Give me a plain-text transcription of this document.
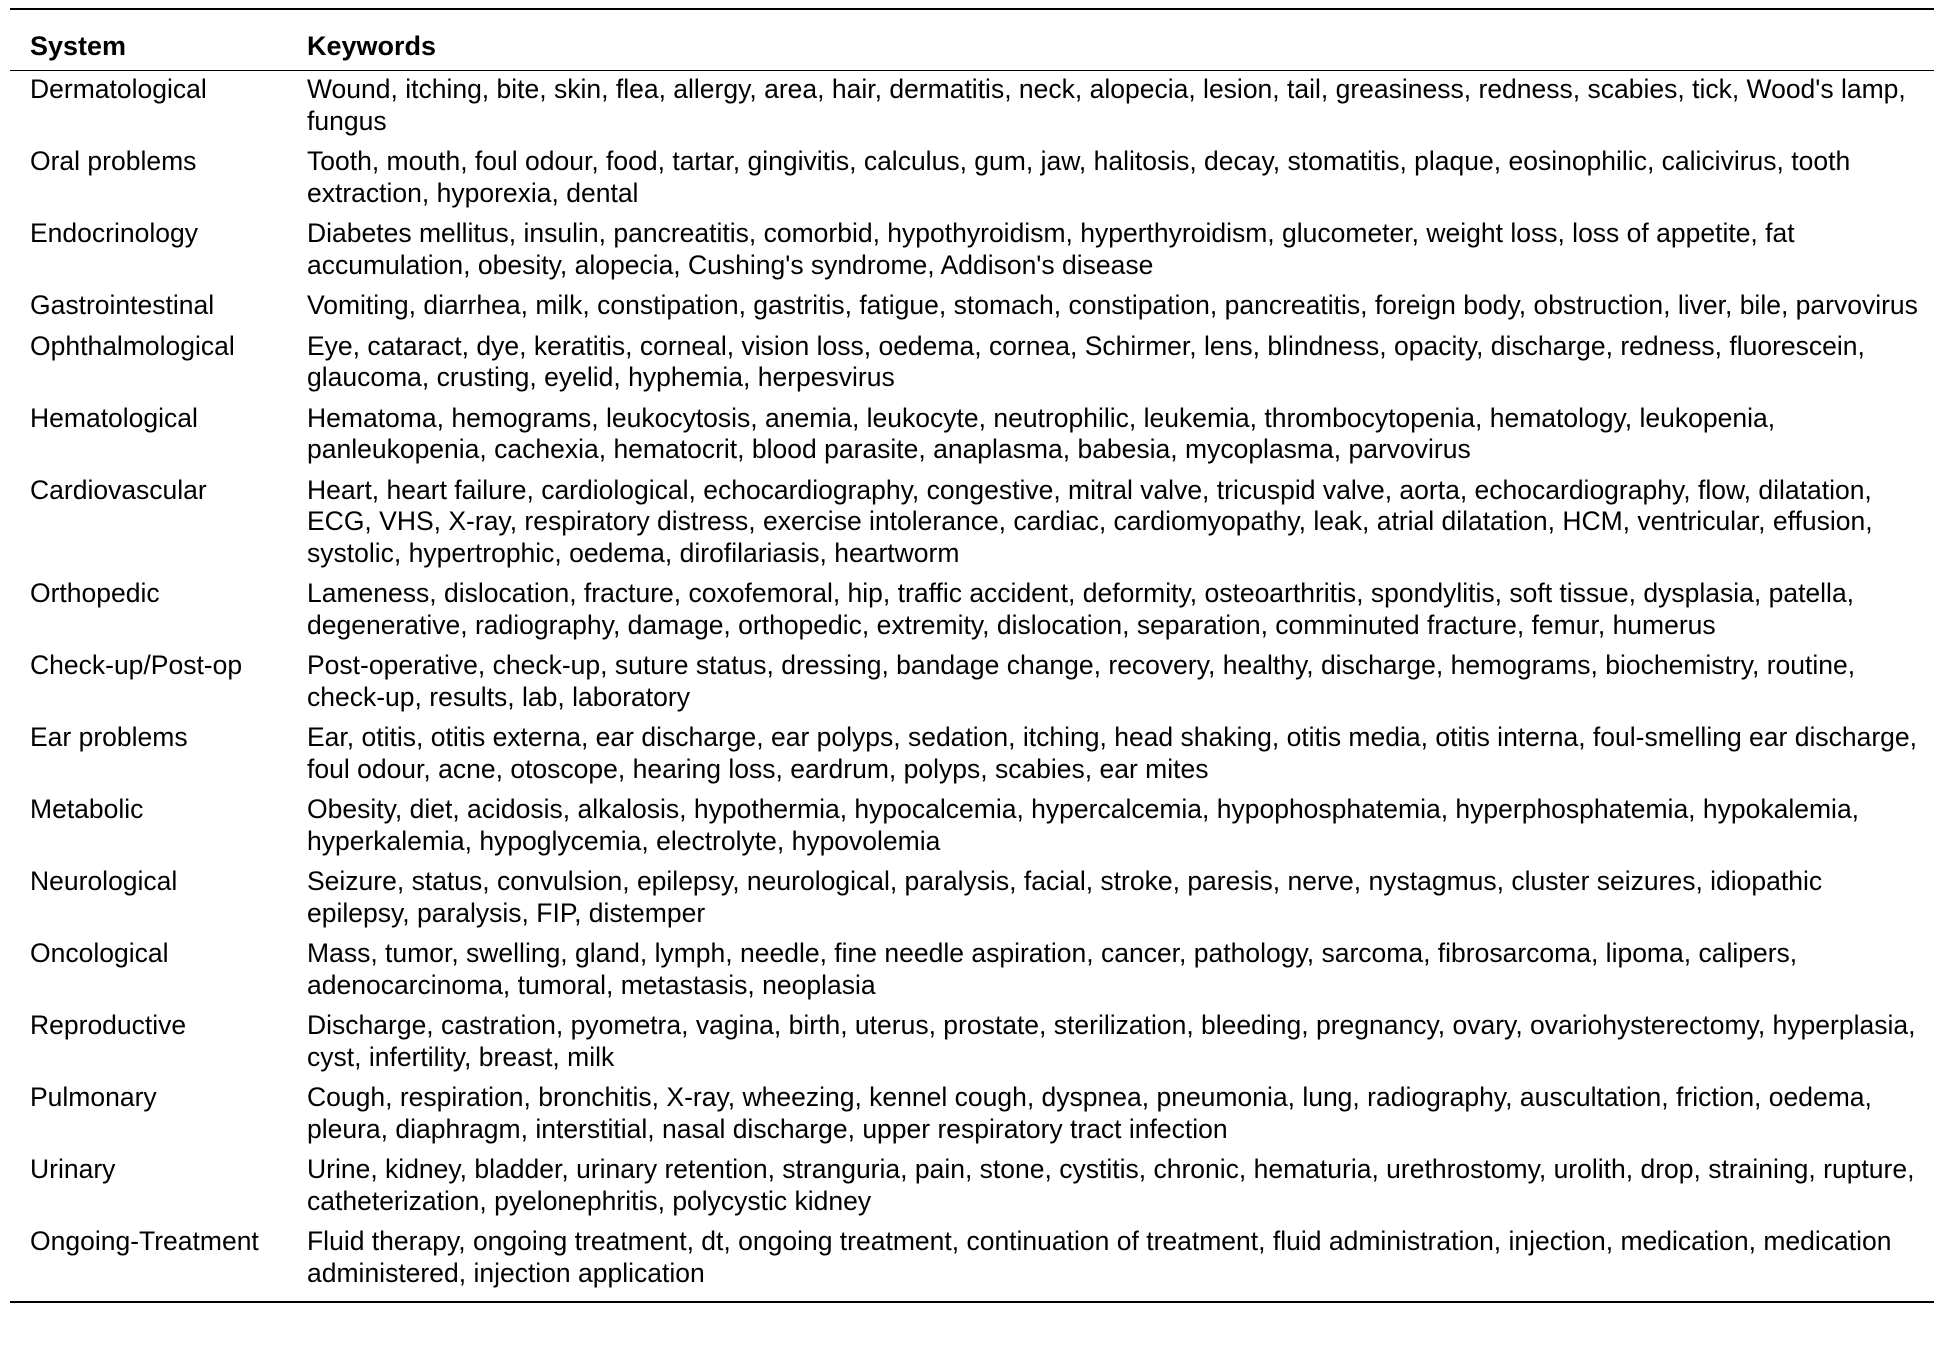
System	Keywords
Dermatological	Wound, itching, bite, skin, flea, allergy, area, hair, dermatitis, neck, alopecia, lesion, tail, greasiness, redness, scabies, tick, Wood's lamp, fungus
Oral problems	Tooth, mouth, foul odour, food, tartar, gingivitis, calculus, gum, jaw, halitosis, decay, stomatitis, plaque, eosinophilic, calicivirus, tooth extraction, hyporexia, dental
Endocrinology	Diabetes mellitus, insulin, pancreatitis, comorbid, hypothyroidism, hyperthyroidism, glucometer, weight loss, loss of appetite, fat accumulation, obesity, alopecia, Cushing's syndrome, Addison's disease
Gastrointestinal	Vomiting, diarrhea, milk, constipation, gastritis, fatigue, stomach, constipation, pancreatitis, foreign body, obstruction, liver, bile, parvovirus
Ophthalmological	Eye, cataract, dye, keratitis, corneal, vision loss, oedema, cornea, Schirmer, lens, blindness, opacity, discharge, redness, fluorescein, glaucoma, crusting, eyelid, hyphemia, herpesvirus
Hematological	Hematoma, hemograms, leukocytosis, anemia, leukocyte, neutrophilic, leukemia, thrombocytopenia, hematology, leukopenia, panleukopenia, cachexia, hematocrit, blood parasite, anaplasma, babesia, mycoplasma, parvovirus
Cardiovascular	Heart, heart failure, cardiological, echocardiography, congestive, mitral valve, tricuspid valve, aorta, echocardiography, flow, dilatation, ECG, VHS, X-ray, respiratory distress, exercise intolerance, cardiac, cardiomyopathy, leak, atrial dilatation, HCM, ventricular, effusion, systolic, hypertrophic, oedema, dirofilariasis, heartworm
Orthopedic	Lameness, dislocation, fracture, coxofemoral, hip, traffic accident, deformity, osteoarthritis, spondylitis, soft tissue, dysplasia, patella, degenerative, radiography, damage, orthopedic, extremity, dislocation, separation, comminuted fracture, femur, humerus
Check-up/Post-op	Post-operative, check-up, suture status, dressing, bandage change, recovery, healthy, discharge, hemograms, biochemistry, routine, check-up, results, lab, laboratory
Ear problems	Ear, otitis, otitis externa, ear discharge, ear polyps, sedation, itching, head shaking, otitis media, otitis interna, foul-smelling ear discharge, foul odour, acne, otoscope, hearing loss, eardrum, polyps, scabies, ear mites
Metabolic	Obesity, diet, acidosis, alkalosis, hypothermia, hypocalcemia, hypercalcemia, hypophosphatemia, hyperphosphatemia, hypokalemia, hyperkalemia, hypoglycemia, electrolyte, hypovolemia
Neurological	Seizure, status, convulsion, epilepsy, neurological, paralysis, facial, stroke, paresis, nerve, nystagmus, cluster seizures, idiopathic epilepsy, paralysis, FIP, distemper
Oncological	Mass, tumor, swelling, gland, lymph, needle, fine needle aspiration, cancer, pathology, sarcoma, fibrosarcoma, lipoma, calipers, adenocarcinoma, tumoral, metastasis, neoplasia
Reproductive	Discharge, castration, pyometra, vagina, birth, uterus, prostate, sterilization, bleeding, pregnancy, ovary, ovariohysterectomy, hyperplasia, cyst, infertility, breast, milk
Pulmonary	Cough, respiration, bronchitis, X-ray, wheezing, kennel cough, dyspnea, pneumonia, lung, radiography, auscultation, friction, oedema, pleura, diaphragm, interstitial, nasal discharge, upper respiratory tract infection
Urinary	Urine, kidney, bladder, urinary retention, stranguria, pain, stone, cystitis, chronic, hematuria, urethrostomy, urolith, drop, straining, rupture, catheterization, pyelonephritis, polycystic kidney
Ongoing-Treatment	Fluid therapy, ongoing treatment, dt, ongoing treatment, continuation of treatment, fluid administration, injection, medication, medication administered, injection application
